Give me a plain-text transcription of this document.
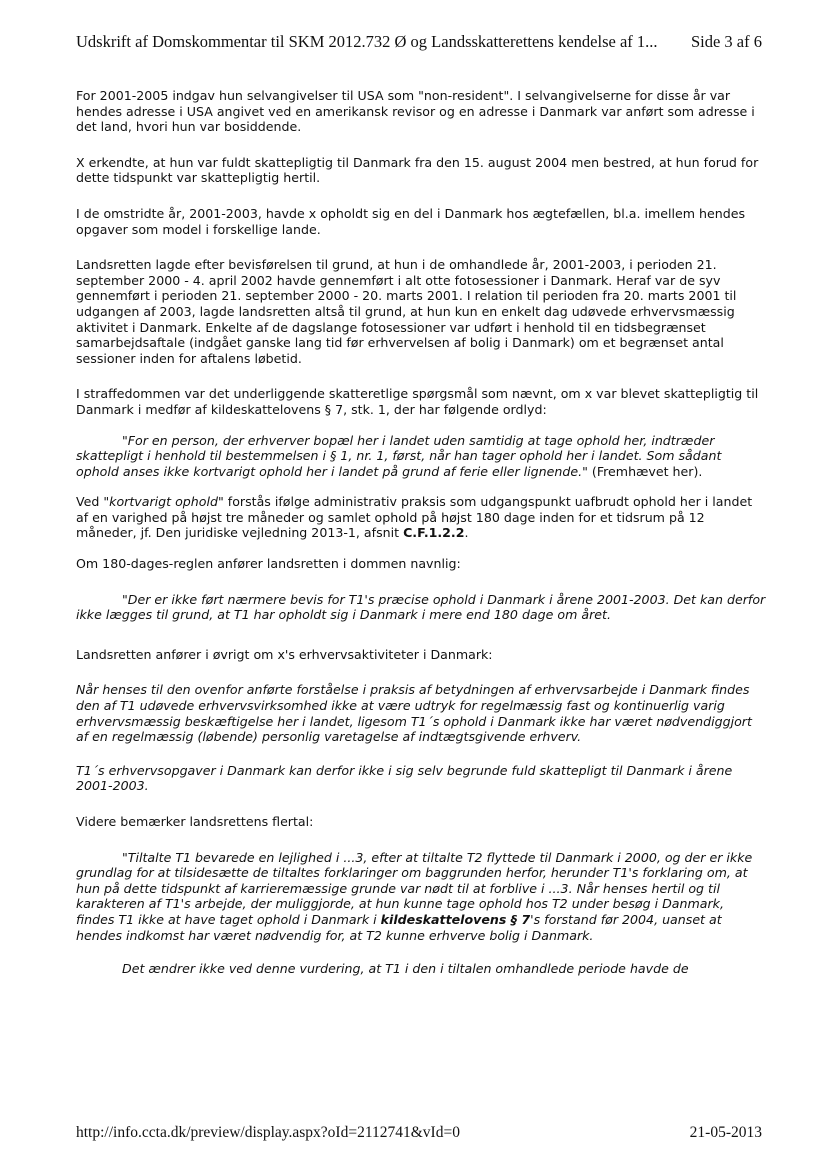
Udskrift af Domskommentar til SKM 2012.732 Ø og Landsskatterettens kendelse af 1... Side 3 af 6

For 2001-2005 indgav hun selvangivelser til USA som "non-resident". I selvangivelserne for disse år var hendes adresse i USA angivet ved en amerikansk revisor og en adresse i Danmark var anført som adresse i det land, hvori hun var bosiddende.

X erkendte, at hun var fuldt skattepligtig til Danmark fra den 15. august 2004 men bestred, at hun forud for dette tidspunkt var skattepligtig hertil.

I de omstridte år, 2001-2003, havde x opholdt sig en del i Danmark hos ægtefællen, bl.a. imellem hendes opgaver som model i forskellige lande.

Landsretten lagde efter bevisførelsen til grund, at hun i de omhandlede år, 2001-2003, i perioden 21. september 2000 - 4. april 2002 havde gennemført i alt otte fotosessioner i Danmark. Heraf var de syv gennemført i perioden 21. september 2000 - 20. marts 2001. I relation til perioden fra 20. marts 2001 til udgangen af 2003, lagde landsretten altså til grund, at hun kun en enkelt dag udøvede erhvervsmæssig aktivitet i Danmark. Enkelte af de dagslange fotosessioner var udført i henhold til en tidsbegrænset samarbejdsaftale (indgået ganske lang tid før erhvervelsen af bolig i Danmark) om et begrænset antal sessioner inden for aftalens løbetid.

I straffedommen var det underliggende skatteretlige spørgsmål som nævnt, om x var blevet skattepligtig til Danmark i medfør af kildeskattelovens § 7, stk. 1, der har følgende ordlyd:

"For en person, der erhverver bopæl her i landet uden samtidig at tage ophold her, indtræder skattepligt i henhold til bestemmelsen i § 1, nr. 1, først, når han tager ophold her i landet. Som sådant ophold anses ikke kortvarigt ophold her i landet på grund af ferie eller lignende." (Fremhævet her).

Ved "kortvarigt ophold" forstås ifølge administrativ praksis som udgangspunkt uafbrudt ophold her i landet af en varighed på højst tre måneder og samlet ophold på højst 180 dage inden for et tidsrum på 12 måneder, jf. Den juridiske vejledning 2013-1, afsnit C.F.1.2.2.

Om 180-dages-reglen anfører landsretten i dommen navnlig:

"Der er ikke ført nærmere bevis for T1's præcise ophold i Danmark i årene 2001-2003. Det kan derfor ikke lægges til grund, at T1 har opholdt sig i Danmark i mere end 180 dage om året.

Landsretten anfører i øvrigt om x's erhvervsaktiviteter i Danmark:

Når henses til den ovenfor anførte forståelse i praksis af betydningen af erhvervsarbejde i Danmark findes den af T1 udøvede erhvervsvirksomhed ikke at være udtryk for regelmæssig fast og kontinuerlig varig erhvervsmæssig beskæftigelse her i landet, ligesom T1´s ophold i Danmark ikke har været nødvendiggjort af en regelmæssig (løbende) personlig varetagelse af indtægtsgivende erhverv.

T1´s erhvervsopgaver i Danmark kan derfor ikke i sig selv begrunde fuld skattepligt til Danmark i årene 2001-2003.

Videre bemærker landsrettens flertal:

"Tiltalte T1 bevarede en lejlighed i ...3, efter at tiltalte T2 flyttede til Danmark i 2000, og der er ikke grundlag for at tilsidesætte de tiltaltes forklaringer om baggrunden herfor, herunder T1's forklaring om, at hun på dette tidspunkt af karrieremæssige grunde var nødt til at forblive i ...3. Når henses hertil og til karakteren af T1's arbejde, der muliggjorde, at hun kunne tage ophold hos T2 under besøg i Danmark, findes T1 ikke at have taget ophold i Danmark i kildeskattelovens § 7's forstand før 2004, uanset at hendes indkomst har været nødvendig for, at T2 kunne erhverve bolig i Danmark.

Det ændrer ikke ved denne vurdering, at T1 i den i tiltalen omhandlede periode havde de

http://info.ccta.dk/preview/display.aspx?oId=2112741&vId=0	21-05-2013
